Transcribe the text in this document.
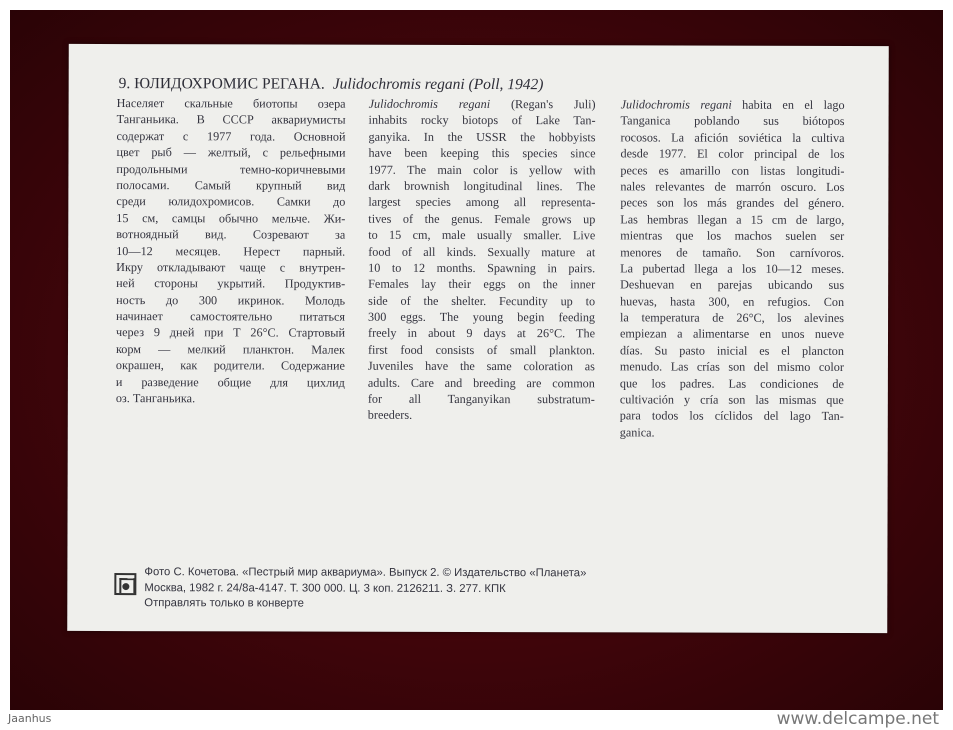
9. ЮЛИДОХРОМИС РЕГАНА. Julidochromis regani (Poll, 1942)
Населяет скальные биотопы озера
Танганьика. В СССР аквариумисты
содержат с 1977 года. Основной
цвет рыб — желтый, с рельефными
продольными темно-коричневыми
полосами. Самый крупный вид
среди юлидохромисов. Самки до
15 см, самцы обычно мельче. Жи-
вотноядный вид. Созревают за
10—12 месяцев. Нерест парный.
Икру откладывают чаще с внутрен-
ней стороны укрытий. Продуктив-
ность до 300 икринок. Молодь
начинает самостоятельно питаться
через 9 дней при Т 26°С. Стартовый
корм — мелкий планктон. Малек
окрашен, как родители. Содержание
и разведение общие для цихлид
оз. Танганьика.
Julidochromis regani (Regan's Juli)
inhabits rocky biotops of Lake Tan-
ganyika. In the USSR the hobbyists
have been keeping this species since
1977. The main color is yellow with
dark brownish longitudinal lines. The
largest species among all representa-
tives of the genus. Female grows up
to 15 cm, male usually smaller. Live
food of all kinds. Sexually mature at
10 to 12 months. Spawning in pairs.
Females lay their eggs on the inner
side of the shelter. Fecundity up to
300 eggs. The young begin feeding
freely in about 9 days at 26°C. The
first food consists of small plankton.
Juveniles have the same coloration as
adults. Care and breeding are common
for all Tanganyikan substratum-
breeders.
Julidochromis regani habita en el lago
Tanganica poblando sus biótopos
rocosos. La afición soviética la cultiva
desde 1977. El color principal de los
peces es amarillo con listas longitudi-
nales relevantes de marrón oscuro. Los
peces son los más grandes del género.
Las hembras llegan a 15 cm de largo,
mientras que los machos suelen ser
menores de tamaño. Son carnívoros.
La pubertad llega a los 10—12 meses.
Deshuevan en parejas ubicando sus
huevas, hasta 300, en refugios. Con
la temperatura de 26°C, los alevines
empiezan a alimentarse en unos nueve
días. Su pasto inicial es el plancton
menudo. Las crías son del mismo color
que los padres. Las condiciones de
cultivación y cría son las mismas que
para todos los cíclidos del lago Tan-
ganica.
Фото С. Кочетова. «Пестрый мир аквариума». Выпуск 2. © Издательство «Планета»
Москва, 1982 г. 24/8а-4147. Т. 300 000. Ц. 3 коп. 2126211. З. 277. КПК
Отправлять только в конверте
Jaanhus	www.delcampe.net
